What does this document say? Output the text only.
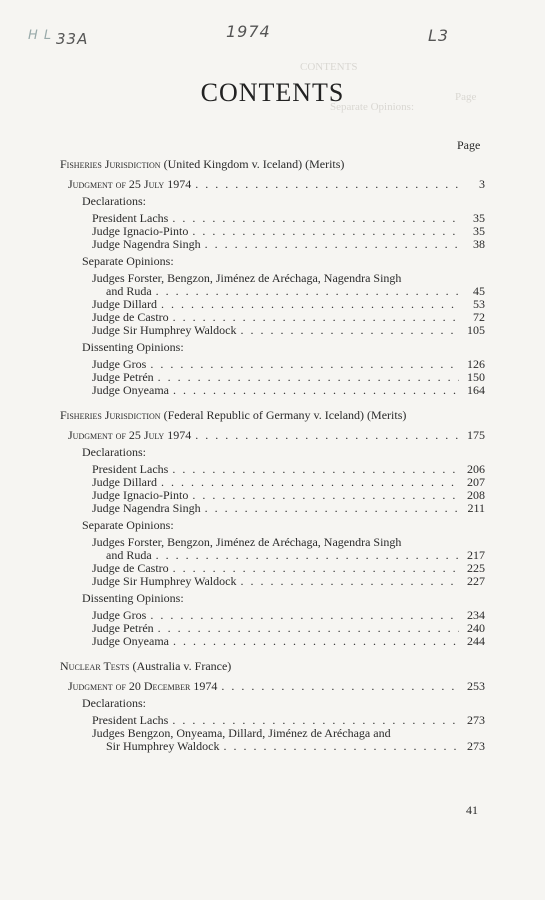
ᕼ ᒪ 33A	1974	L3
CONTENTS
Page
Separate Opinions:
CONTENTS
Page
Fisheries Jurisdiction (United Kingdom v. Iceland) (Merits)
Judgment of 25 July 1974 . . .	3
Declarations:
President Lachs . . .	35
Judge Ignacio-Pinto . . .	35
Judge Nagendra Singh . . .	38
Separate Opinions:
Judges Forster, Bengzon, Jiménez de Aréchaga, Nagendra Singh
and Ruda . . .	45
Judge Dillard . . .	53
Judge de Castro . . .	72
Judge Sir Humphrey Waldock . . .	105
Dissenting Opinions:
Judge Gros . . .	126
Judge Petrén . . .	150
Judge Onyeama . . .	164
Fisheries Jurisdiction (Federal Republic of Germany v. Iceland) (Merits)
Judgment of 25 July 1974 . . .	175
Declarations:
President Lachs . . .	206
Judge Dillard . . .	207
Judge Ignacio-Pinto . . .	208
Judge Nagendra Singh . . .	211
Separate Opinions:
Judges Forster, Bengzon, Jiménez de Aréchaga, Nagendra Singh
and Ruda . . .	217
Judge de Castro . . .	225
Judge Sir Humphrey Waldock . . .	227
Dissenting Opinions:
Judge Gros . . .	234
Judge Petrén . . .	240
Judge Onyeama . . .	244
Nuclear Tests (Australia v. France)
Judgment of 20 December 1974 . . .	253
Declarations:
President Lachs . . .	273
Judges Bengzon, Onyeama, Dillard, Jiménez de Aréchaga and
Sir Humphrey Waldock . . .	273
41
